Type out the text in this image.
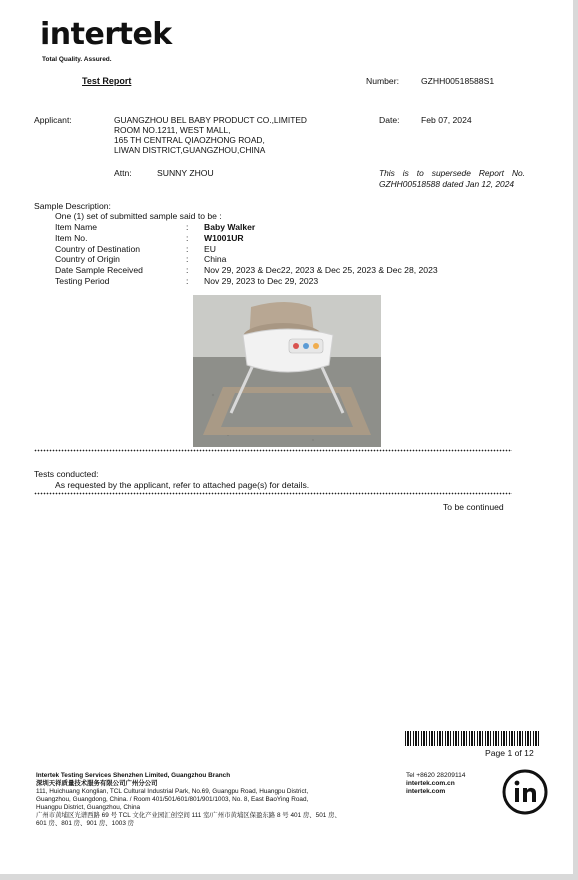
intertek
Total Quality. Assured.
Test Report	Number:	GZHH00518588S1
Applicant:	GUANGZHOU BEL BABY PRODUCT CO.,LIMITED
ROOM NO.1211, WEST MALL,
165 TH CENTRAL QIAOZHONG ROAD,
LIWAN DISTRICT,GUANGZHOU,CHINA
Date: Feb 07, 2024
Attn:	SUNNY ZHOU	This is to supersede Report No. GZHH00518588 dated Jan 12, 2024
Sample Description:
One (1) set of submitted sample said to be :
Item Name	: Baby Walker
Item No.	: W1001UR
Country of Destination	: EU
Country of Origin	: China
Date Sample Received	: Nov 29, 2023 & Dec22, 2023 & Dec 25, 2023 & Dec 28, 2023
Testing Period	: Nov 29, 2023 to Dec 29, 2023
Tests conducted:
As requested by the applicant, refer to attached page(s) for details.
To be continued
Page 1 of 12
Intertek Testing Services Shenzhen Limited, Guangzhou Branch
深圳天祥质量技术服务有限公司广州分公司
111, Huichuang Konglian, TCL Cultural Industrial Park, No.69, Guangpu Road, Huangpu District,
Guangzhou, Guangdong, China. / Room 401/501/601/801/901/1003, No. 8, East BaoYing Road,
Huangpu District, Guangzhou, China
广州市黄埔区光谱西路 69 号 TCL 文化产业园汇创空间 111 室/广州市黄埔区保盈东路 8 号 401 房、501 房、
601 房、801 房、901 房、1003 房
Tel +8620 28209114
intertek.com.cn
intertek.com
